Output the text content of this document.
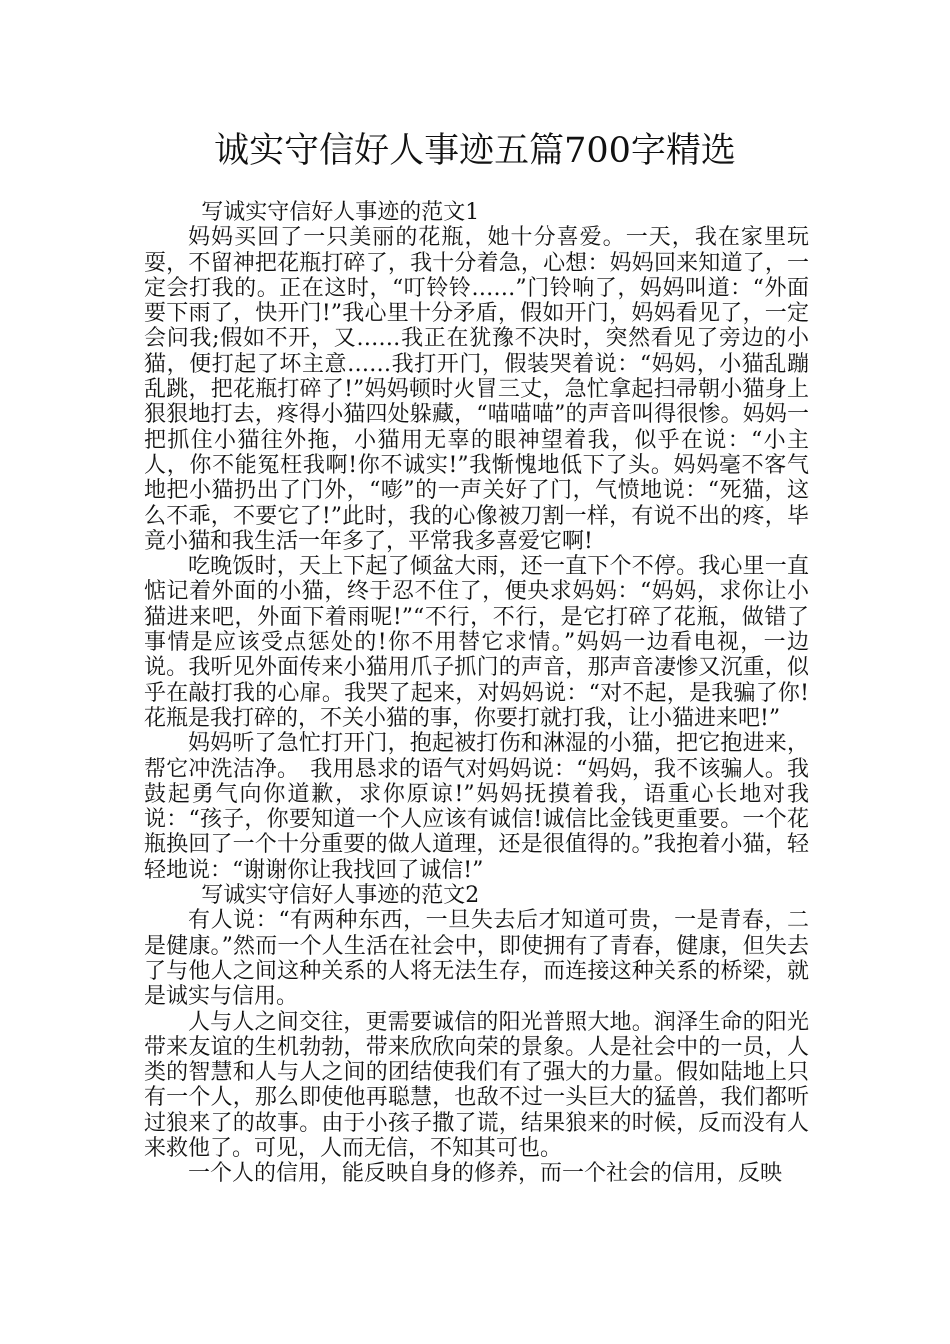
诚实守信好人事迹五篇700字精选

写诚实守信好人事迹的范文1

妈妈买回了一只美丽的花瓶，她十分喜爱。一天，我在家里玩耍，不留神把花瓶打碎了，我十分着急，心想：妈妈回来知道了，一定会打我的。正在这时，“叮铃铃……”门铃响了，妈妈叫道：“外面要下雨了，快开门!”我心里十分矛盾，假如开门，妈妈看见了，一定会问我;假如不开，又……我正在犹豫不决时，突然看见了旁边的小猫，便打起了坏主意……我打开门，假装哭着说：“妈妈，小猫乱蹦乱跳，把花瓶打碎了!”妈妈顿时火冒三丈，急忙拿起扫帚朝小猫身上狠狠地打去，疼得小猫四处躲藏，“喵喵喵”的声音叫得很惨。妈妈一把抓住小猫往外拖，小猫用无辜的眼神望着我，似乎在说：“小主人，你不能冤枉我啊!你不诚实!”我惭愧地低下了头。妈妈毫不客气地把小猫扔出了门外，“嘭”的一声关好了门，气愤地说：“死猫，这么不乖，不要它了!”此时，我的心像被刀割一样，有说不出的疼，毕竟小猫和我生活一年多了，平常我多喜爱它啊!

吃晚饭时，天上下起了倾盆大雨，还一直下个不停。我心里一直惦记着外面的小猫，终于忍不住了，便央求妈妈：“妈妈，求你让小猫进来吧，外面下着雨呢!”“不行，不行，是它打碎了花瓶，做错了事情是应该受点惩处的!你不用替它求情。”妈妈一边看电视，一边说。我听见外面传来小猫用爪子抓门的声音，那声音凄惨又沉重，似乎在敲打我的心扉。我哭了起来，对妈妈说：“对不起，是我骗了你!花瓶是我打碎的，不关小猫的事，你要打就打我，让小猫进来吧!”

妈妈听了急忙打开门，抱起被打伤和淋湿的小猫，把它抱进来，帮它冲洗洁净。　我用恳求的语气对妈妈说：“妈妈，我不该骗人。我鼓起勇气向你道歉，求你原谅!”妈妈抚摸着我，语重心长地对我说：“孩子，你要知道一个人应该有诚信!诚信比金钱更重要。一个花瓶换回了一个十分重要的做人道理，还是很值得的。”我抱着小猫，轻轻地说：“谢谢你让我找回了诚信!”

写诚实守信好人事迹的范文2

有人说：“有两种东西，一旦失去后才知道可贵，一是青春，二是健康。”然而一个人生活在社会中，即使拥有了青春，健康，但失去了与他人之间这种关系的人将无法生存，而连接这种关系的桥梁，就是诚实与信用。

人与人之间交往，更需要诚信的阳光普照大地。润泽生命的阳光带来友谊的生机勃勃，带来欣欣向荣的景象。人是社会中的一员，人类的智慧和人与人之间的团结使我们有了强大的力量。假如陆地上只有一个人，那么即使他再聪慧，也敌不过一头巨大的猛兽，我们都听过狼来了的故事。由于小孩子撒了谎，结果狼来的时候，反而没有人来救他了。可见，人而无信，不知其可也。

一个人的信用，能反映自身的修养，而一个社会的信用，反映
